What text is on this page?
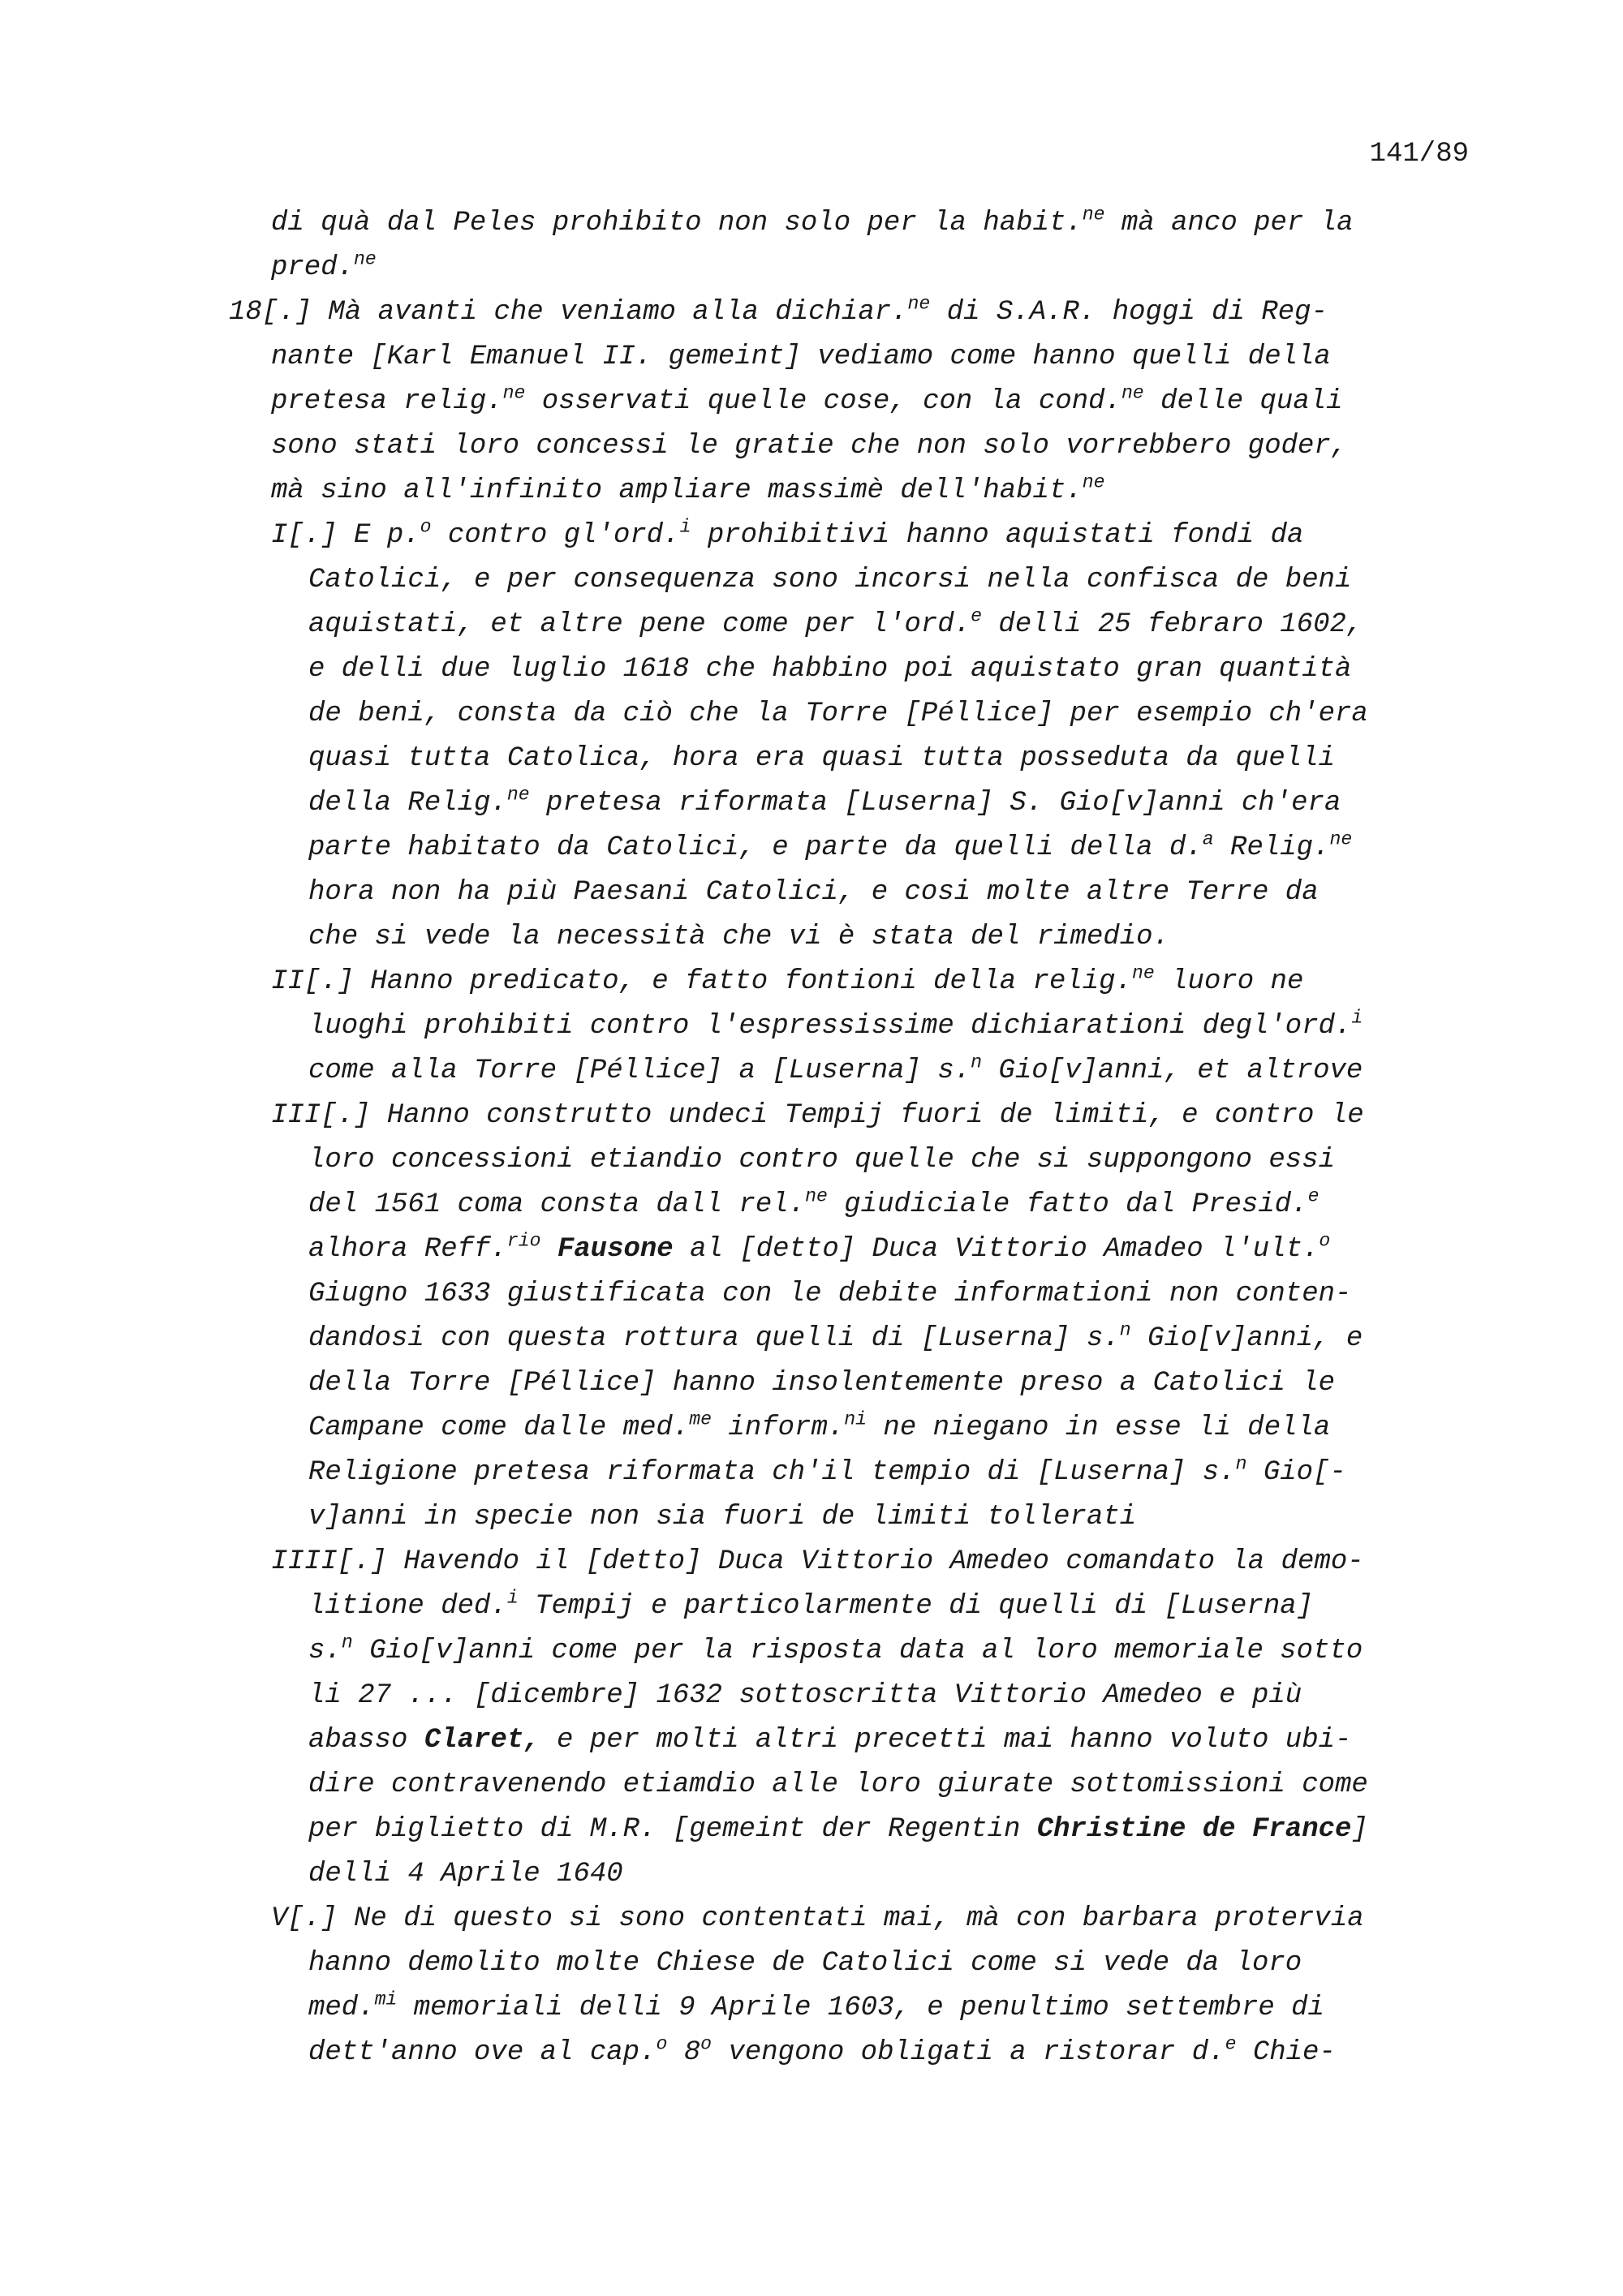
141/89
di quà dal Peles prohibito non solo per la habit.$^{ne}$ mà anco per la
pred.$^{ne}$
18[.] Mà avanti che veniamo alla dichiar.$^{ne}$ di S.A.R. hoggi di Reg-
nante [Karl Emanuel II. gemeint] vediamo come hanno quelli della
pretesa relig.$^{ne}$ osservati quelle cose, con la cond.$^{ne}$ delle quali
sono stati loro concessi le gratie che non solo vorrebbero goder,
mà sino all'infinito ampliare massimè dell'habit.$^{ne}$
I[.] E p.$^o$ contro gl'ord.$^i$ prohibitivi hanno aquistati fondi da
Catolici, e per consequenza sono incorsi nella confisca de beni
aquistati, et altre pene come per l'ord.$^e$ delli 25 febraro 1602,
e delli due luglio 1618 che habbino poi aquistato gran quantità
de beni, consta da ciò che la Torre [Péllice] per esempio ch'era
quasi tutta Catolica, hora era quasi tutta posseduta da quelli
della Relig.$^{ne}$ pretesa riformata [Luserna] S. Gio[v]anni ch'era
parte habitato da Catolici, e parte da quelli della d.$^a$ Relig.$^{ne}$
hora non ha più Paesani Catolici, e cosi molte altre Terre da
che si vede la necessità che vi è stata del rimedio.
II[.] Hanno predicato, e fatto fontioni della relig.$^{ne}$ luoro ne
luoghi prohibiti contro l'espressissime dichiarationi degl'ord.$^i$
come alla Torre [Péllice] a [Luserna] s.$^n$ Gio[v]anni, et altrove
III[.] Hanno construtto undeci Tempij fuori de limiti, e contro le
loro concessioni etiandio contro quelle che si suppongono essi
del 1561 coma consta dall rel.$^{ne}$ giudiciale fatto dal Presid.$^e$
alhora Reff.$^{rio}$ Fausone al [detto] Duca Vittorio Amadeo l'ult.$^o$
Giugno 1633 giustificata con le debite informationi non conten-
dandosi con questa rottura quelli di [Luserna] s.$^n$ Gio[v]anni, e
della Torre [Péllice] hanno insolentemente preso a Catolici le
Campane come dalle med.$^{me}$ inform.$^{ni}$ ne niegano in esse li della
Religione pretesa riformata ch'il tempio di [Luserna] s.$^n$ Gio[-
v]anni in specie non sia fuori de limiti tollerati
IIII[.] Havendo il [detto] Duca Vittorio Amedeo comandato la demo-
litione ded.$^i$ Tempij e particolarmente di quelli di [Luserna]
s.$^n$ Gio[v]anni come per la risposta data al loro memoriale sotto
li 27 ... [dicembre] 1632 sottoscritta Vittorio Amedeo e più
abasso Claret, e per molti altri precetti mai hanno voluto ubi-
dire contravenendo etiamdio alle loro giurate sottomissioni come
per biglietto di M.R. [gemeint der Regentin Christine de France]
delli 4 Aprile 1640
V[.] Ne di questo si sono contentati mai, mà con barbara protervia
hanno demolito molte Chiese de Catolici come si vede da loro
med.$^{mi}$ memoriali delli 9 Aprile 1603, e penultimo settembre di
dett'anno ove al cap.$^o$ 8$^o$ vengono obligati a ristorar d.$^e$ Chie-
